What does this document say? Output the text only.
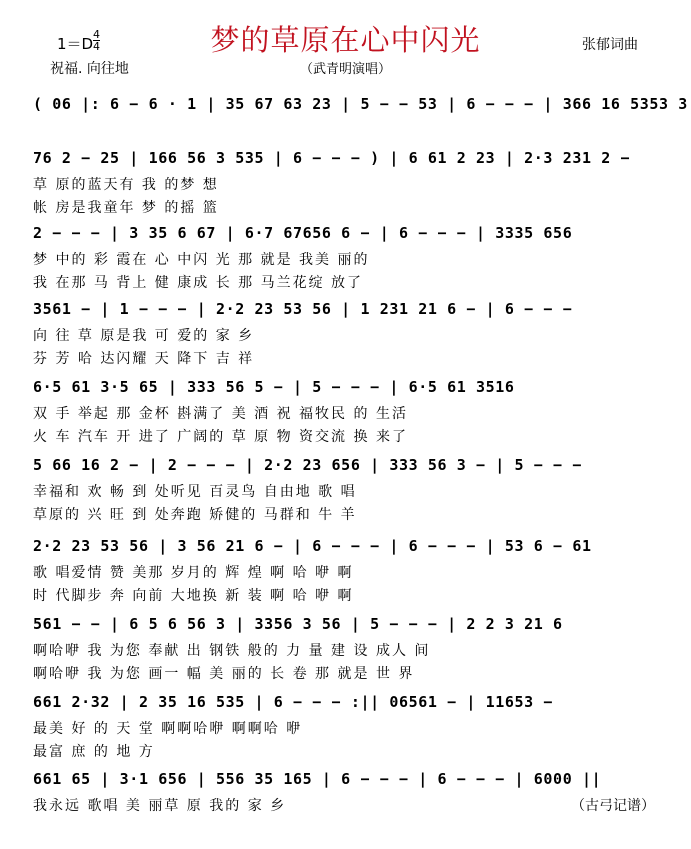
梦的草原在心中闪光
$1=D \frac{4}{4}$
祝福. 向往地	（武青明演唱）
张郁词曲
( 06 |: 6 − 6 · 1 | 35 67 63 23 | 5 − − 53 | 6 − − − | 366 16 5353 3
76 2 − 25 | 166 56 3 535 | 6 − − − ) | 6 61 2 23 | 2·3 231 2 −
草 原的蓝天有 我 的梦 想
帐 房是我童年 梦 的摇 篮
2 − − − | 3 35 6 67 | 6·7 67656 6 − | 6 − − − | 3335 656
梦 中的 彩 霞在 心 中闪 光 那 就是 我美 丽的
我 在那 马 背上 健 康成 长 那 马兰花绽 放了
3561 − | 1 − − − | 2·2 23 53 56 | 1 231 21 6 − | 6 − − −
向 往 草 原是我 可 爱的 家 乡
芬 芳 哈 达闪耀 天 降下 吉 祥
6·5 61 3·5 65 | 333 56 5 − | 5 − − − | 6·5 61 3516
双 手 举起 那 金杯 斟满了 美 酒 祝 福牧民 的 生活
火 车 汽车 开 进了 广阔的 草 原 物 资交流 换 来了
5 66 16 2 − | 2 − − − | 2·2 23 656 | 333 56 3 − | 5 − − −
幸福和 欢 畅 到 处听见 百灵鸟 自由地 歌 唱
草原的 兴 旺 到 处奔跑 矫健的 马群和 牛 羊
2·2 23 53 56 | 3 56 21 6 − | 6 − − − | 6 − − − | 53 6 − 61
歌 唱爱情 赞 美那 岁月的 辉 煌 啊 哈 咿 啊
时 代脚步 奔 向前 大地换 新 装 啊 哈 咿 啊
561 − − | 6 5 6 56 3 | 3356 3 56 | 5 − − − | 2 2 3 21 6
啊哈咿 我 为您 奉献 出 钢铁 般的 力 量 建 设 成人 间
啊哈咿 我 为您 画一 幅 美 丽的 长 卷 那 就是 世 界
661 2·32 | 2 35 16 535 | 6 − − − :|| 06561 − | 11653 −
最美 好 的 天 堂 啊啊哈咿 啊啊哈 咿
最富 庶 的 地 方
661 65 | 3·1 656 | 556 35 165 | 6 − − − | 6 − − − | 6000 ||
我永远 歌唱 美 丽草 原 我的 家 乡	（古弓记谱）
